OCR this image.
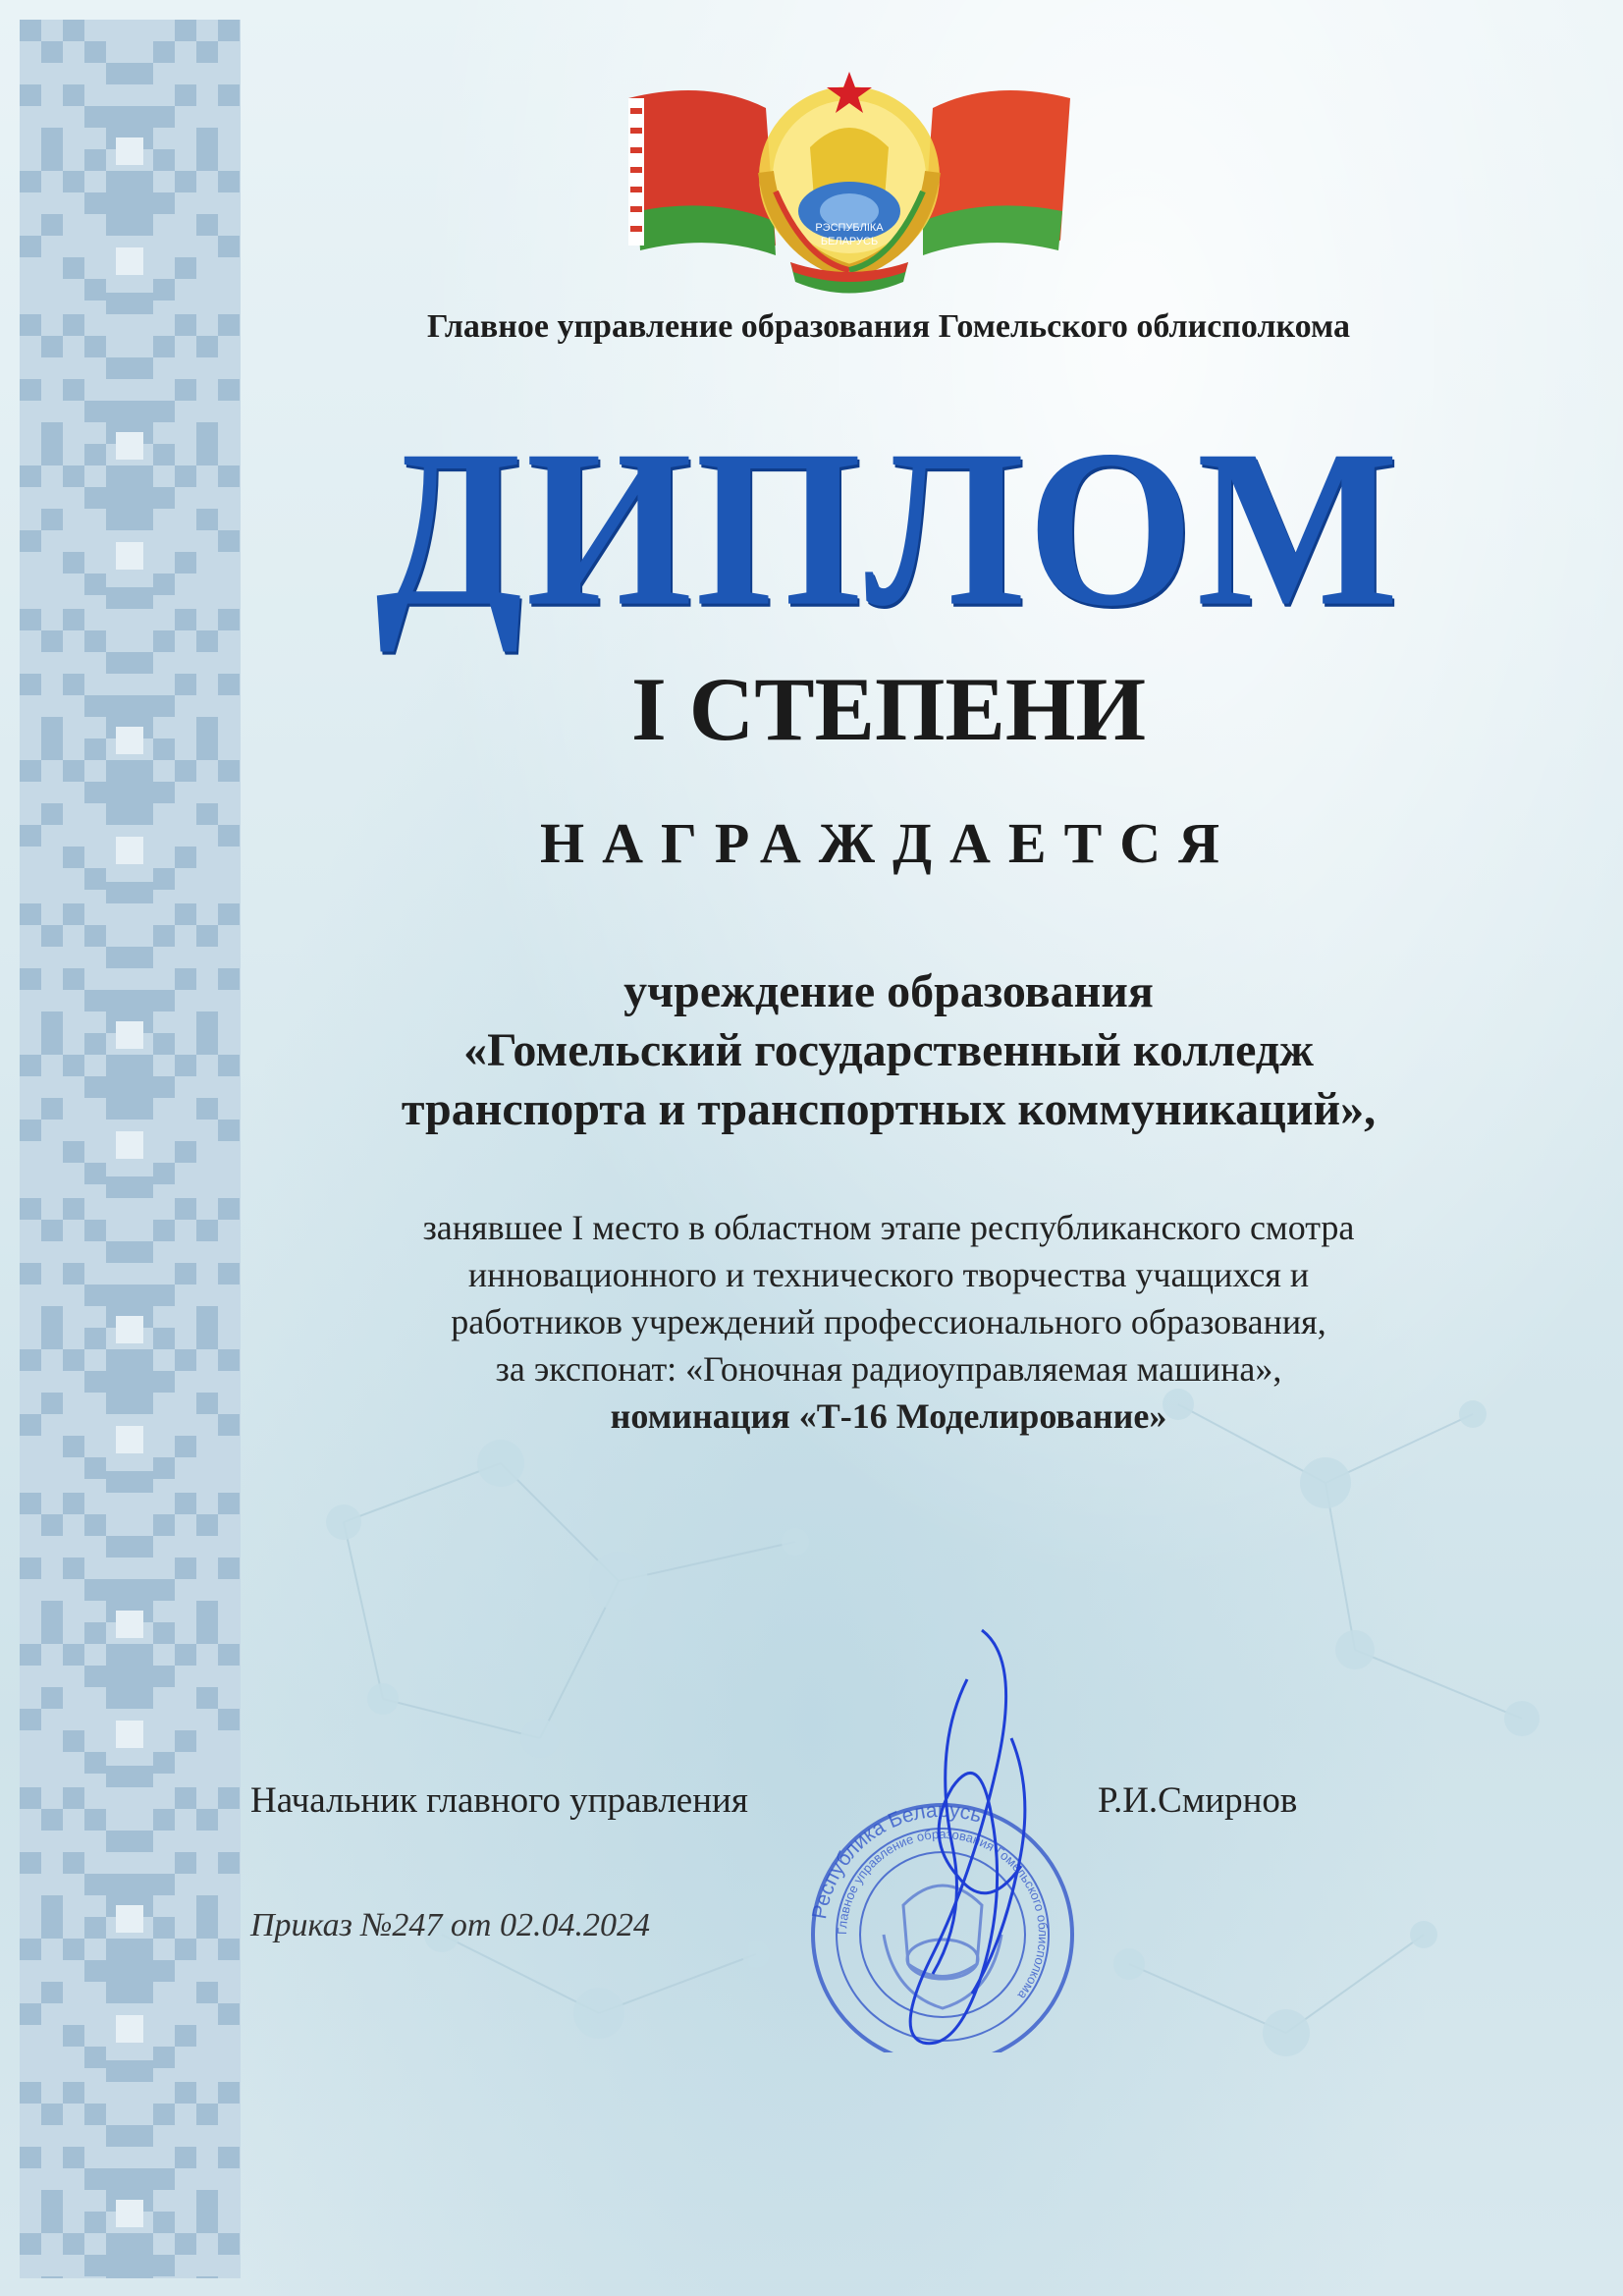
РЭСПУБЛІКА
БЕЛАРУСЬ
Главное управление образования Гомельского облисполкома
ДИПЛОМ
I СТЕПЕНИ
НАГРАЖДАЕТСЯ
учреждение образования
«Гомельский государственный колледж
транспорта и транспортных коммуникаций»,
занявшее I место в областном этапе республиканского смотра
инновационного и технического творчества учащихся и
работников учреждений профессионального образования,
за экспонат: «Гоночная радиоуправляемая машина»,
номинация «Т-16 Моделирование»
Республика Беларусь
Главное управление образования Гомельского облисполкома
Начальник главного управления	Р.И.Смирнов
Приказ №247 от 02.04.2024
